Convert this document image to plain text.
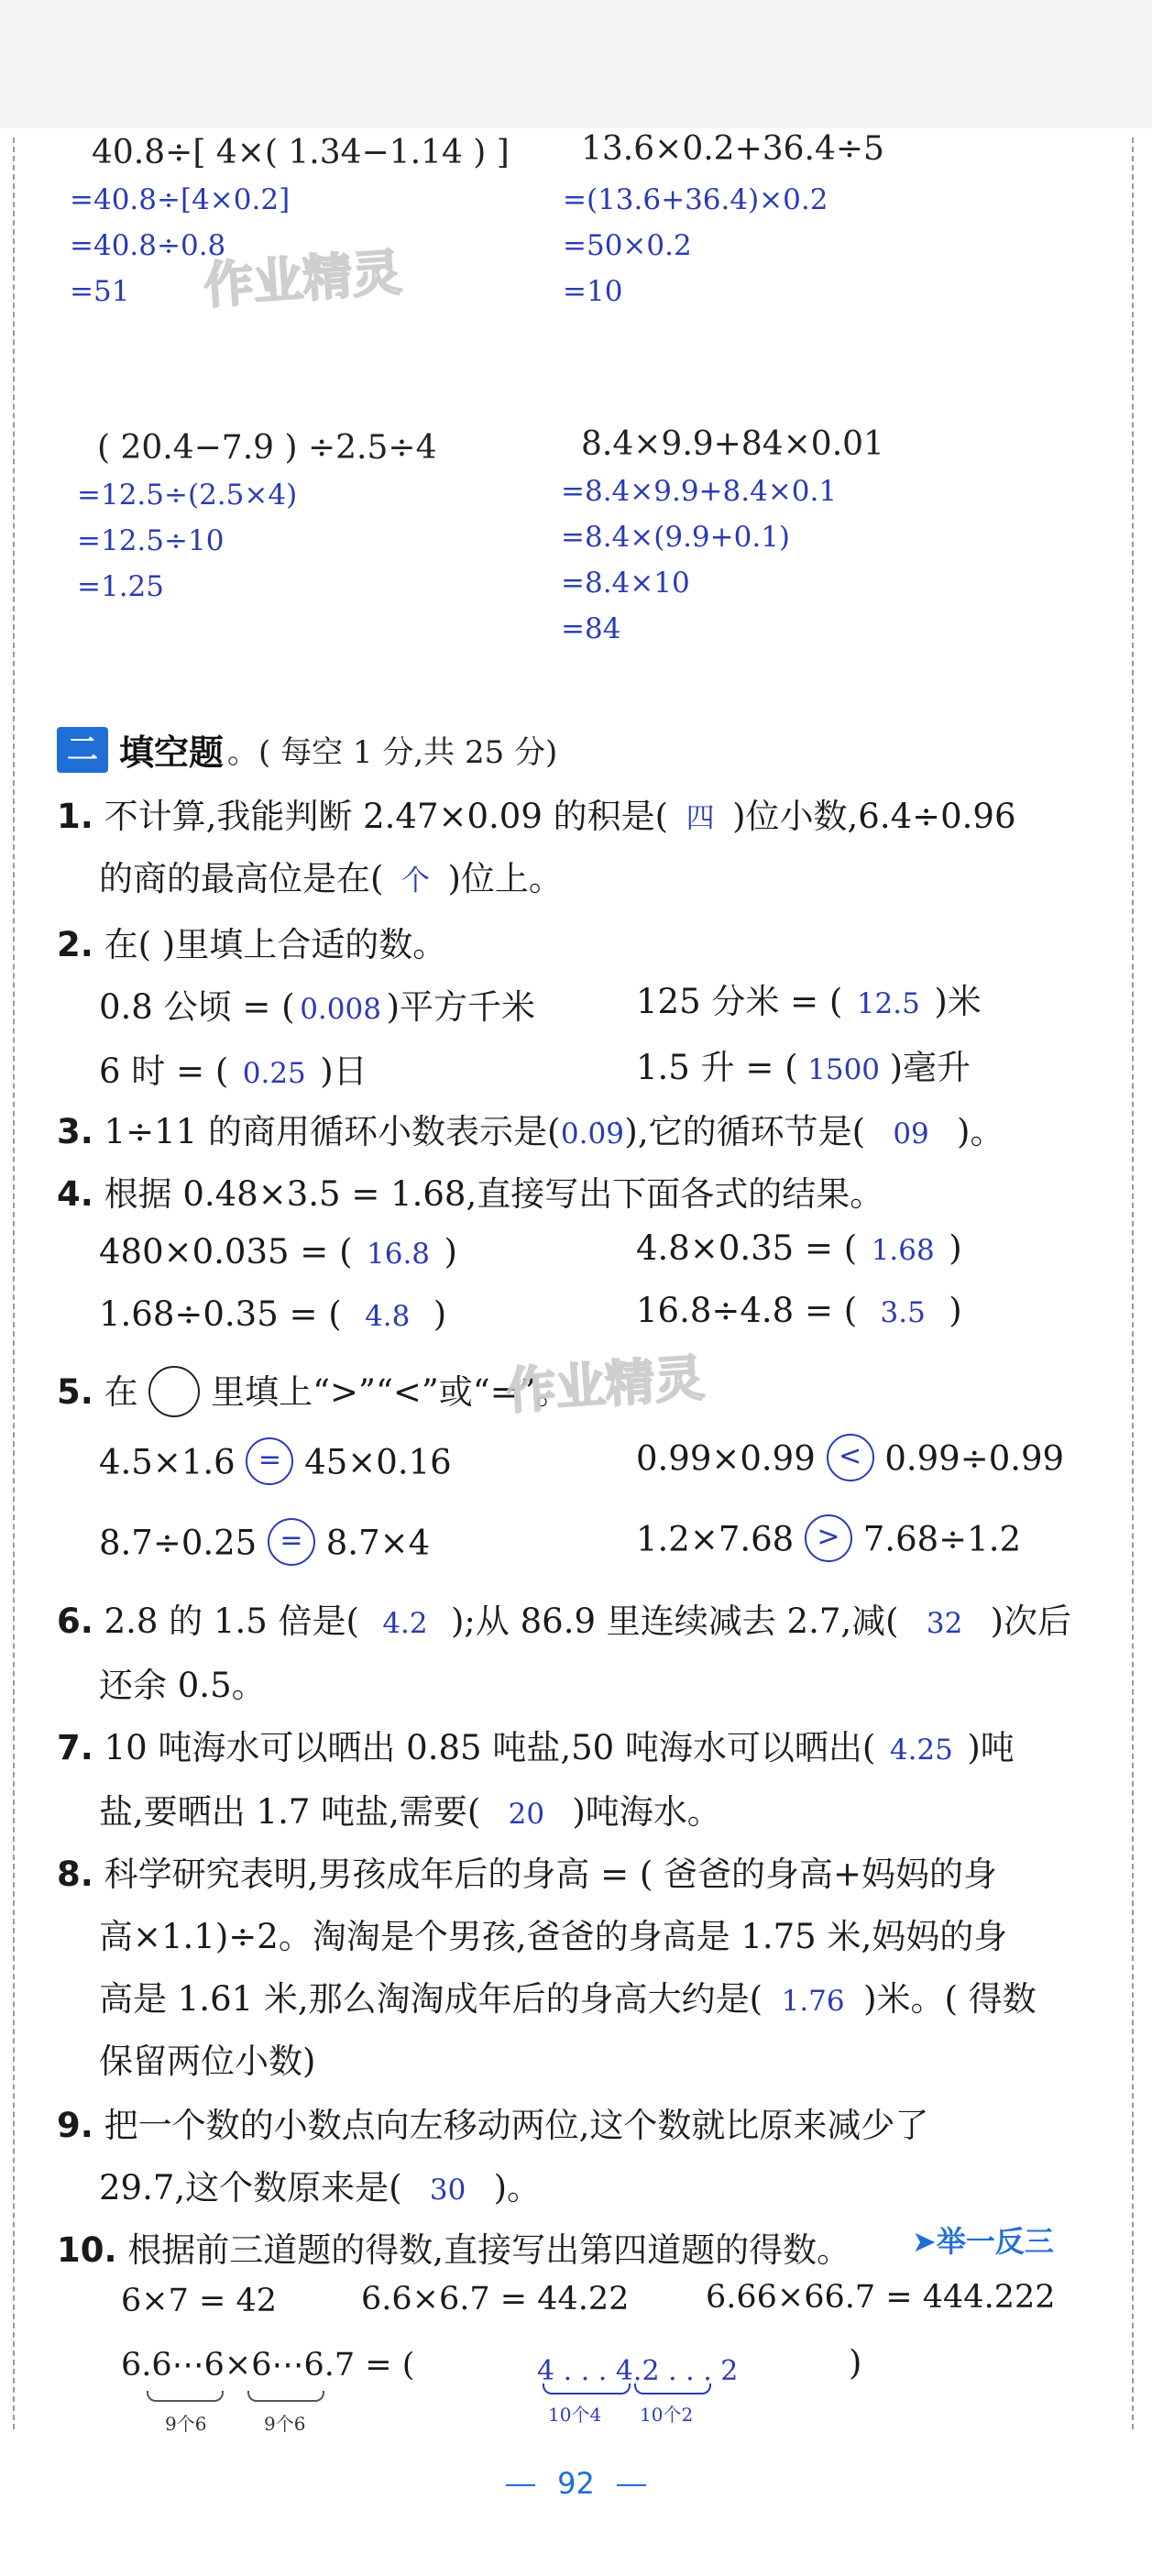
40.8÷[ 4×( 1.34−1.14 ) ]
=40.8÷[4×0.2]
=40.8÷0.8
=51	作业精灵
13.6×0.2+36.4÷5
=(13.6+36.4)×0.2
=50×0.2
=10
( 20.4−7.9 ) ÷2.5÷4
=12.5÷(2.5×4)
=12.5÷10
=1.25
8.4×9.9+84×0.01
=8.4×9.9+8.4×0.1
=8.4×(9.9+0.1)
=8.4×10
=84
二 填空题 。( 每空 1 分,共 25 分)
1. 不计算,我能判断 2.47×0.09 的积是( 四 )位小数,6.4÷0.96
的商的最高位是在( 个 )位上。
2. 在( )里填上合适的数。
0.8 公顷 = ( 0.008 )平方千米	125 分米 = ( 12.5 )米
6 时 = ( 0.25 )日	1.5 升 = ( 1500 )毫升
3. 1÷11 的商用循环小数表示是(0.0̇9̇),它的循环节是( 09 )。
4. 根据 0.48×3.5 = 1.68,直接写出下面各式的结果。
480×0.035 = ( 16.8 )	4.8×0.35 = ( 1.68 )
1.68÷0.35 = ( 4.8 )	16.8÷4.8 = ( 3.5 )
5. 在 里填上“>”“<”或“=”。
作业精灵
4.5×1.6 = 45×0.16	0.99×0.99 < 0.99÷0.99
8.7÷0.25 = 8.7×4	1.2×7.68 > 7.68÷1.2
6. 2.8 的 1.5 倍是( 4.2 );从 86.9 里连续减去 2.7,减( 32 )次后
还余 0.5。
7. 10 吨海水可以晒出 0.85 吨盐,50 吨海水可以晒出( 4.25 )吨
盐,要晒出 1.7 吨盐,需要( 20 )吨海水。
8. 科学研究表明,男孩成年后的身高 = ( 爸爸的身高+妈妈的身
高×1.1)÷2。淘淘是个男孩,爸爸的身高是 1.75 米,妈妈的身
高是 1.61 米,那么淘淘成年后的身高大约是( 1.76 )米。( 得数
保留两位小数)
9. 把一个数的小数点向左移动两位,这个数就比原来减少了
29.7,这个数原来是( 30 )。
10. 根据前三道题的得数,直接写出第四道题的得数。 ➤举一反三
6×7 = 42	6.6×6.7 = 44.22 6.66×66.7 = 444.222
6.6⋯6×6⋯6.7 = (	4 . . . 4.2 . . . 2	)
9个6	9个6	10个4 10个2
92
